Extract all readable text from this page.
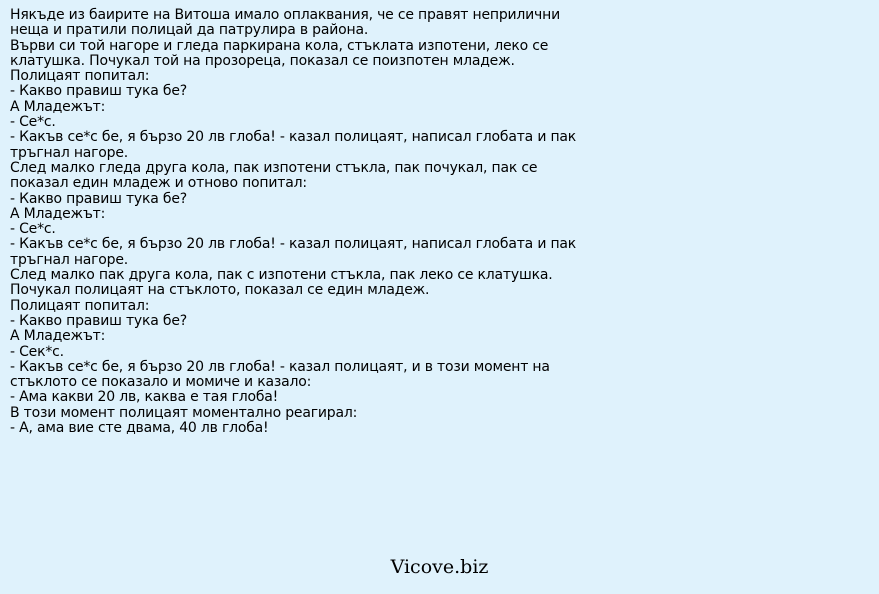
Някъде из баирите на Витоша имало оплаквания, че се правят неприлични
неща и пратили полицай да патрулира в района.
Върви си той нагоре и гледа паркирана кола, стъклата изпотени, леко се
клатушка. Почукал той на прозореца, показал се поизпотен младеж.
Полицаят попитал:
- Какво правиш тука бе?
А Младежът:
- Се*с.
- Какъв се*с бе, я бързо 20 лв глоба! - казал полицаят, написал глобата и пак
тръгнал нагоре.
След малко гледа друга кола, пак изпотени стъкла, пак почукал, пак се
показал един младеж и отново попитал:
- Какво правиш тука бе?
А Младежът:
- Се*с.
- Какъв се*с бе, я бързо 20 лв глоба! - казал полицаят, написал глобата и пак
тръгнал нагоре.
След малко пак друга кола, пак с изпотени стъкла, пак леко се клатушка.
Почукал полицаят на стъклото, показал се един младеж.
Полицаят попитал:
- Какво правиш тука бе?
А Младежът:
- Сек*с.
- Какъв се*с бе, я бързо 20 лв глоба! - казал полицаят, и в този момент на
стъклото се показало и момиче и казало:
- Ама какви 20 лв, каква е тая глоба!
В този момент полицаят моментално реагирал:
- А, ама вие сте двама, 40 лв глоба!
Vicove.biz
